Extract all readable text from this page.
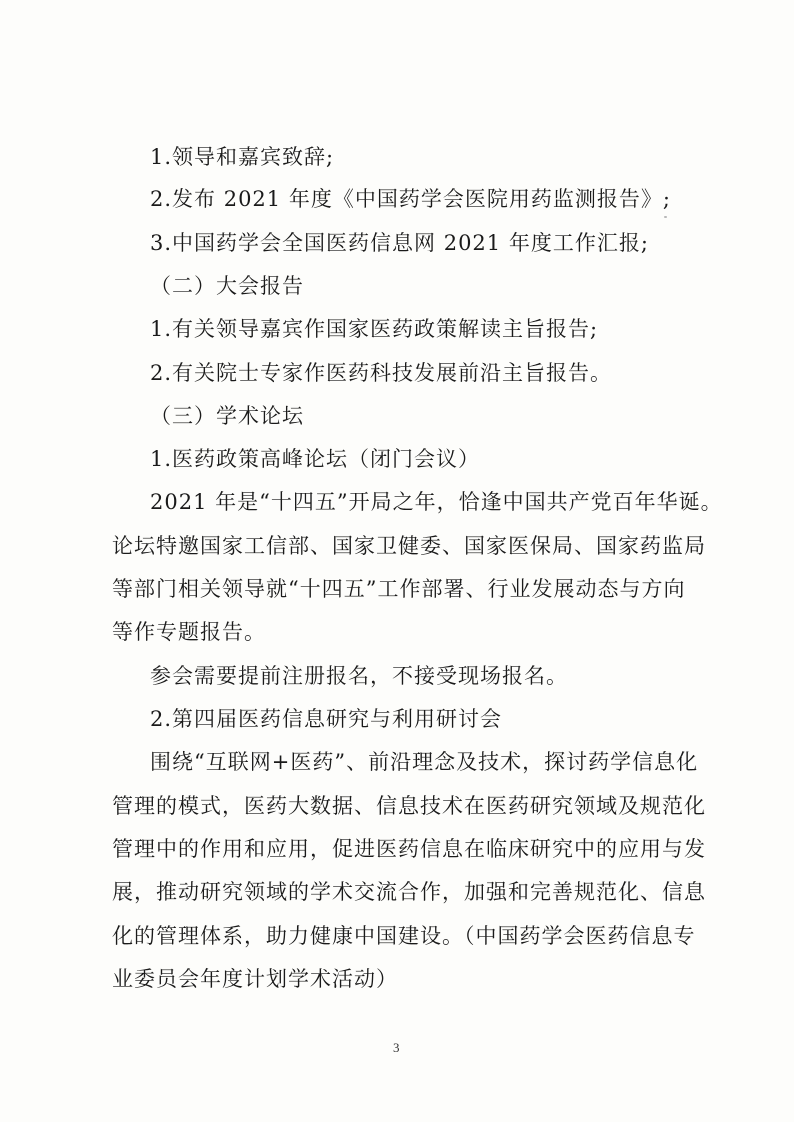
1.领导和嘉宾致辞;
2.发布 2021 年度《中国药学会医院用药监测报告》;
3.中国药学会全国医药信息网 2021 年度工作汇报;
（二）大会报告
1.有关领导嘉宾作国家医药政策解读主旨报告;
2.有关院士专家作医药科技发展前沿主旨报告。
（三）学术论坛
1.医药政策高峰论坛（闭门会议）
2021 年是“十四五”开局之年，恰逢中国共产党百年华诞。
论坛特邀国家工信部、国家卫健委、国家医保局、国家药监局
等部门相关领导就“十四五”工作部署、行业发展动态与方向
等作专题报告。
参会需要提前注册报名，不接受现场报名。
2.第四届医药信息研究与利用研讨会
围绕“互联网+医药”、前沿理念及技术，探讨药学信息化
管理的模式，医药大数据、信息技术在医药研究领域及规范化
管理中的作用和应用，促进医药信息在临床研究中的应用与发
展，推动研究领域的学术交流合作，加强和完善规范化、信息
化的管理体系，助力健康中国建设。（中国药学会医药信息专
业委员会年度计划学术活动）
3
